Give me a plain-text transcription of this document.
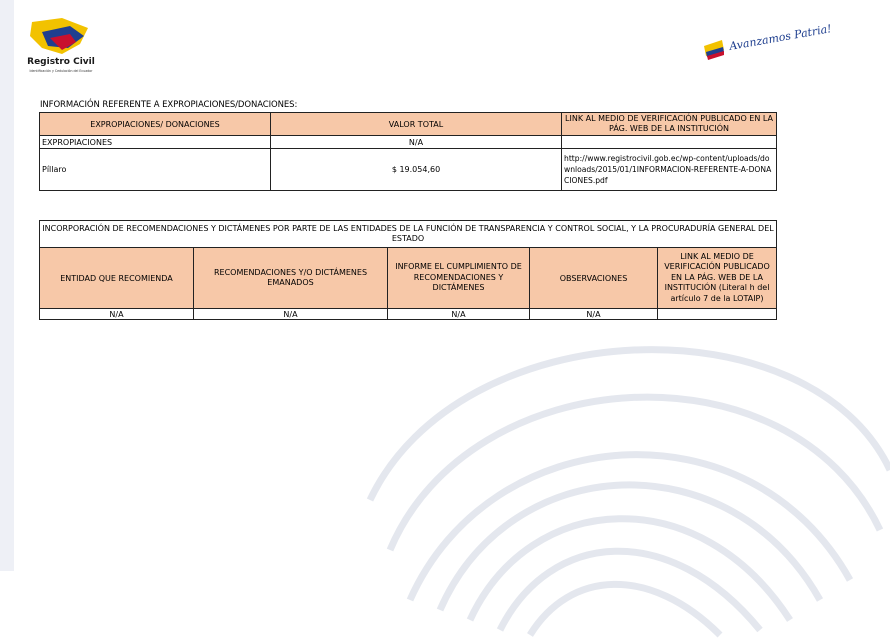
Registro Civil
Identificación y Cedulación del Ecuador
Avanzamos Patria!
INFORMACIÓN REFERENTE A EXPROPIACIONES/DONACIONES:
EXPROPIACIONES/ DONACIONES	VALOR TOTAL	LINK AL MEDIO DE VERIFICACIÓN PUBLICADO EN LA PÁG. WEB DE LA INSTITUCIÓN
EXPROPIACIONES	N/A	
Píllaro	$ 19.054,60	http://www.registrocivil.gob.ec/wp-content/uploads/downloads/2015/01/1INFORMACION-REFERENTE-A-DONACIONES.pdf
INCORPORACIÓN DE RECOMENDACIONES Y DICTÁMENES POR PARTE DE LAS ENTIDADES DE LA FUNCIÓN DE TRANSPARENCIA Y CONTROL SOCIAL, Y LA PROCURADURÍA GENERAL DEL ESTADO				
ENTIDAD QUE RECOMIENDA	RECOMENDACIONES Y/O DICTÁMENES EMANADOS	INFORME EL CUMPLIMIENTO DE RECOMENDACIONES Y DICTÁMENES	OBSERVACIONES	LINK AL MEDIO DE VERIFICACIÓN PUBLICADO EN LA PÁG. WEB DE LA INSTITUCIÓN (Literal h del artículo 7 de la LOTAIP)
N/A	N/A	N/A	N/A	
